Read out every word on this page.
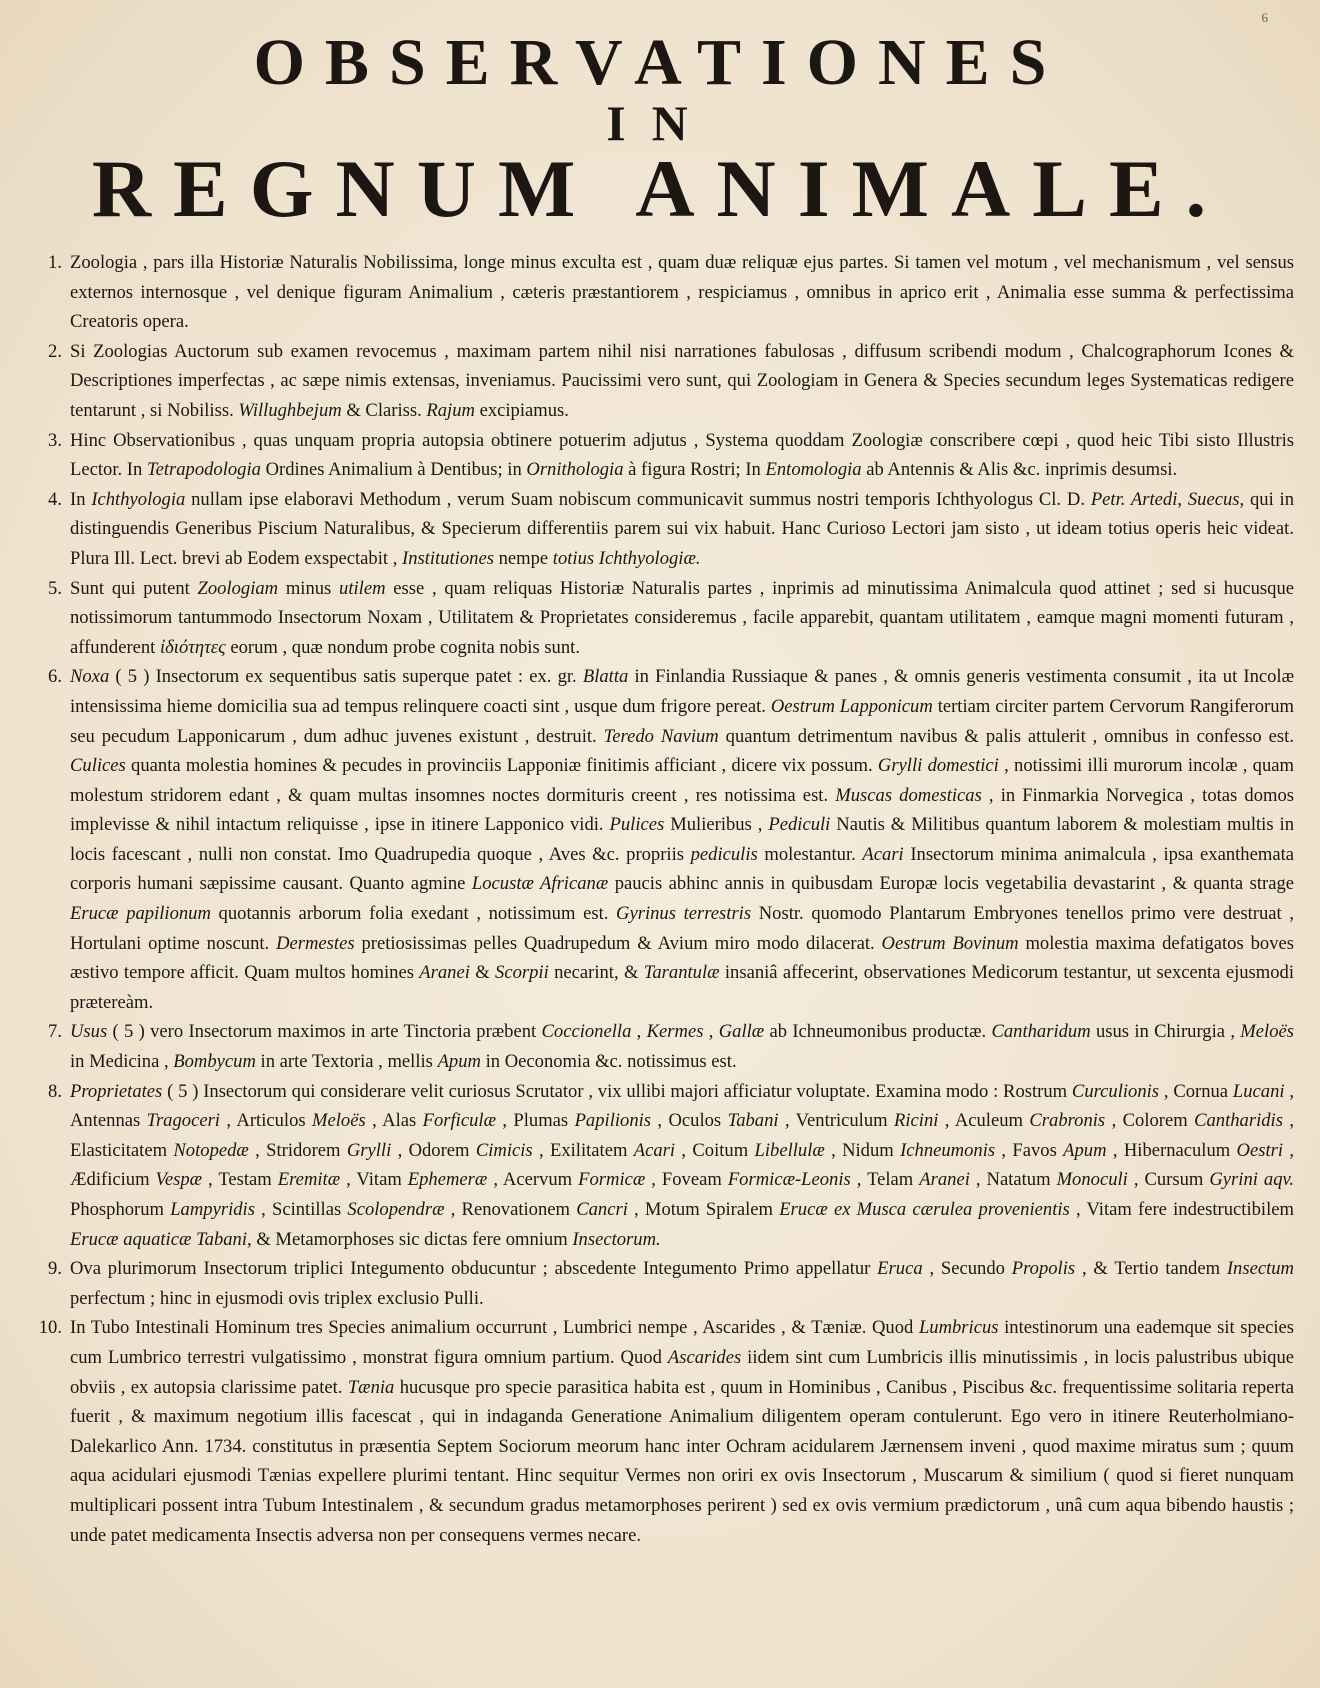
6
OBSERVATIONES
IN
REGNUM ANIMALE.
1. Zoologia , pars illa Historiæ Naturalis Nobilissima, longe minus exculta est , quam duæ reliquæ ejus partes. Si tamen vel motum , vel mechanismum , vel sensus externos internosque , vel denique figuram Animalium , cæteris præstantiorem , respiciamus , omnibus in aprico erit , Animalia esse summa & perfectissima Creatoris opera.
2. Si Zoologias Auctorum sub examen revocemus , maximam partem nihil nisi narrationes fabulosas , diffusum scribendi modum , Chalcographorum Icones & Descriptiones imperfectas , ac sæpe nimis extensas, inveniamus. Paucissimi vero sunt, qui Zoologiam in Genera & Species secundum leges Systematicas redigere tentarunt , si Nobiliss. Willughbejum & Clariss. Rajum excipiamus.
3. Hinc Observationibus , quas unquam propria autopsia obtinere potuerim adjutus , Systema quoddam Zoologiæ conscribere cœpi , quod heic Tibi sisto Illustris Lector. In Tetrapodologia Ordines Animalium à Dentibus; in Ornithologia à figura Rostri; In Entomologia ab Antennis & Alis &c. inprimis desumsi.
4. In Ichthyologia nullam ipse elaboravi Methodum , verum Suam nobiscum communicavit summus nostri temporis Ichthyologus Cl. D. Petr. Artedi, Suecus, qui in distinguendis Generibus Piscium Naturalibus, & Specierum differentiis parem sui vix habuit. Hanc Curioso Lectori jam sisto , ut ideam totius operis heic videat. Plura Ill. Lect. brevi ab Eodem exspectabit , Institutiones nempe totius Ichthyologiæ.
5. Sunt qui putent Zoologiam minus utilem esse , quam reliquas Historiæ Naturalis partes , inprimis ad minutissima Animalcula quod attinet ; sed si hucusque notissimorum tantummodo Insectorum Noxam , Utilitatem & Proprietates consideremus , facile apparebit, quantam utilitatem , eamque magni momenti futuram , affunderent ἰδιότητες eorum , quæ nondum probe cognita nobis sunt.
6. Noxa ( 5 ) Insectorum ex sequentibus satis superque patet : ex. gr. Blatta in Finlandia Russiaque & panes , & omnis generis vestimenta consumit , ita ut Incolæ intensissima hieme domicilia sua ad tempus relinquere coacti sint , usque dum frigore pereat. Oestrum Lapponicum tertiam circiter partem Cervorum Rangiferorum seu pecudum Lapponicarum , dum adhuc juvenes existunt , destruit. Teredo Navium quantum detrimentum navibus & palis attulerit , omnibus in confesso est. Culices quanta molestia homines & pecudes in provinciis Lapponiæ finitimis afficiant , dicere vix possum. Grylli domestici , notissimi illi murorum incolæ , quam molestum stridorem edant , & quam multas insomnes noctes dormituris creent , res notissima est. Muscas domesticas , in Finmarkia Norvegica , totas domos implevisse & nihil intactum reliquisse , ipse in itinere Lapponico vidi. Pulices Mulieribus , Pediculi Nautis & Militibus quantum laborem & molestiam multis in locis facescant , nulli non constat. Imo Quadrupedia quoque , Aves &c. propriis pediculis molestantur. Acari Insectorum minima animalcula , ipsa exanthemata corporis humani sæpissime causant. Quanto agmine Locustæ Africanæ paucis abhinc annis in quibusdam Europæ locis vegetabilia devastarint , & quanta strage Erucæ papilionum quotannis arborum folia exedant , notissimum est. Gyrinus terrestris Nostr. quomodo Plantarum Embryones tenellos primo vere destruat , Hortulani optime noscunt. Dermestes pretiosissimas pelles Quadrupedum & Avium miro modo dilacerat. Oestrum Bovinum molestia maxima defatigatos boves æstivo tempore afficit. Quam multos homines Aranei & Scorpii necarint, & Tarantulæ insaniâ affecerint, observationes Medicorum testantur, ut sexcenta ejusmodi prætereàm.
7. Usus ( 5 ) vero Insectorum maximos in arte Tinctoria præbent Coccionella , Kermes , Gallæ ab Ichneumonibus productæ. Cantharidum usus in Chirurgia , Meloës in Medicina , Bombycum in arte Textoria , mellis Apum in Oeconomia &c. notissimus est.
8. Proprietates ( 5 ) Insectorum qui considerare velit curiosus Scrutator , vix ullibi majori afficiatur voluptate. Examina modo : Rostrum Curculionis , Cornua Lucani , Antennas Tragoceri , Articulos Meloës , Alas Forficulæ , Plumas Papilionis , Oculos Tabani , Ventriculum Ricini , Aculeum Crabronis , Colorem Cantharidis , Elasticitatem Notopedæ , Stridorem Grylli , Odorem Cimicis , Exilitatem Acari , Coitum Libellulæ , Nidum Ichneumonis , Favos Apum , Hibernaculum Oestri , Ædificium Vespæ , Testam Eremitæ , Vitam Ephemeræ , Acervum Formicæ , Foveam Formicæ-Leonis , Telam Aranei , Natatum Monoculi , Cursum Gyrini aqv. Phosphorum Lampyridis , Scintillas Scolopendræ , Renovationem Cancri , Motum Spiralem Erucæ ex Musca cærulea provenientis , Vitam fere indestructibilem Erucæ aquaticæ Tabani, & Metamorphoses sic dictas fere omnium Insectorum.
9. Ova plurimorum Insectorum triplici Integumento obducuntur ; abscedente Integumento Primo appellatur Eruca , Secundo Propolis , & Tertio tandem Insectum perfectum ; hinc in ejusmodi ovis triplex exclusio Pulli.
10. In Tubo Intestinali Hominum tres Species animalium occurrunt , Lumbrici nempe , Ascarides , & Tæniæ. Quod Lumbricus intestinorum una eademque sit species cum Lumbrico terrestri vulgatissimo , monstrat figura omnium partium. Quod Ascarides iidem sint cum Lumbricis illis minutissimis , in locis palustribus ubique obviis , ex autopsia clarissime patet. Tænia hucusque pro specie parasitica habita est , quum in Hominibus , Canibus , Piscibus &c. frequentissime solitaria reperta fuerit , & maximum negotium illis facescat , qui in indaganda Generatione Animalium diligentem operam contulerunt. Ego vero in itinere Reuterholmiano-Dalekarlico Ann. 1734. constitutus in præsentia Septem Sociorum meorum hanc inter Ochram acidularem Jærnensem inveni , quod maxime miratus sum ; quum aqua acidulari ejusmodi Tænias expellere plurimi tentant. Hinc sequitur Vermes non oriri ex ovis Insectorum , Muscarum & similium ( quod si fieret nunquam multiplicari possent intra Tubum Intestinalem , & secundum gradus metamorphoses perirent ) sed ex ovis vermium prædictorum , unâ cum aqua bibendo haustis ; unde patet medicamenta Insectis adversa non per consequens vermes necare.
